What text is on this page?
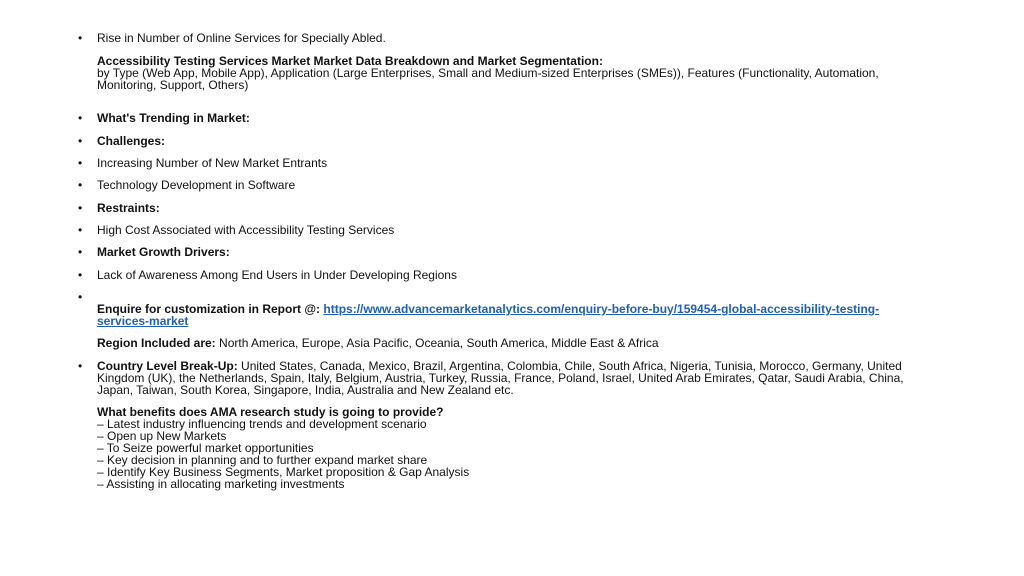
•	Rise in Number of Online Services for Specially Abled.
Accessibility Testing Services Market Market Data Breakdown and Market Segmentation:
by Type (Web App, Mobile App), Application (Large Enterprises, Small and Medium-sized Enterprises (SMEs)), Features (Functionality, Automation,
Monitoring, Support, Others)
•	What's Trending in Market:
•	Challenges:
•	Increasing Number of New Market Entrants
•	Technology Development in Software
•	Restraints:
•	High Cost Associated with Accessibility Testing Services
•	Market Growth Drivers:
•	Lack of Awareness Among End Users in Under Developing Regions
•
Enquire for customization in Report @: https://www.advancemarketanalytics.com/enquiry-before-buy/159454-global-accessibility-testing-
services-market
Region Included are: North America, Europe, Asia Pacific, Oceania, South America, Middle East & Africa
•	Country Level Break-Up: United States, Canada, Mexico, Brazil, Argentina, Colombia, Chile, South Africa, Nigeria, Tunisia, Morocco, Germany, United
Kingdom (UK), the Netherlands, Spain, Italy, Belgium, Austria, Turkey, Russia, France, Poland, Israel, United Arab Emirates, Qatar, Saudi Arabia, China,
Japan, Taiwan, South Korea, Singapore, India, Australia and New Zealand etc.
What benefits does AMA research study is going to provide?
– Latest industry influencing trends and development scenario
– Open up New Markets
– To Seize powerful market opportunities
– Key decision in planning and to further expand market share
– Identify Key Business Segments, Market proposition & Gap Analysis
– Assisting in allocating marketing investments
